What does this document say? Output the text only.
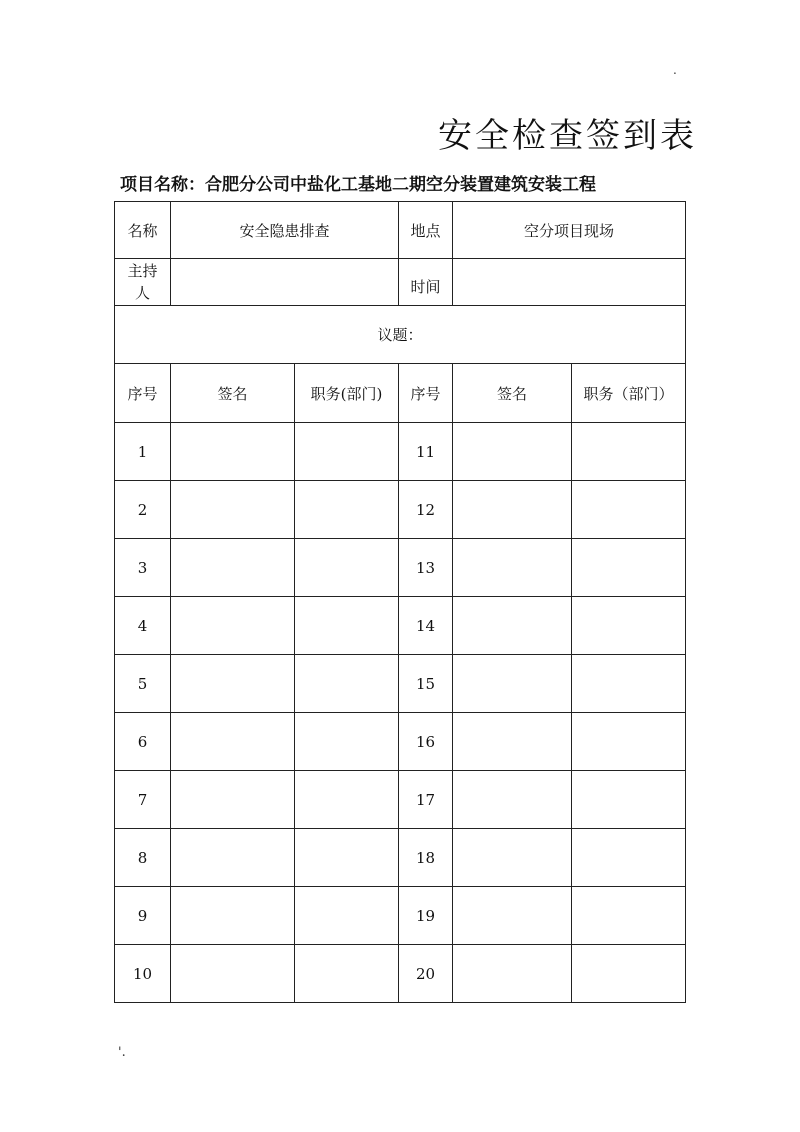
.
安全检查签到表
项目名称：合肥分公司中盐化工基地二期空分装置建筑安装工程
名称	安全隐患排查		地点	空分项目现场	

主持
人			时间		
议题：					
序号	签名	职务(部门)	序号	签名	职务（部门）
1			11		
2			12		
3			13		
4			14		
5			15		
6			16		
7			17		
8			18		
9			19		
10			20		
'.
